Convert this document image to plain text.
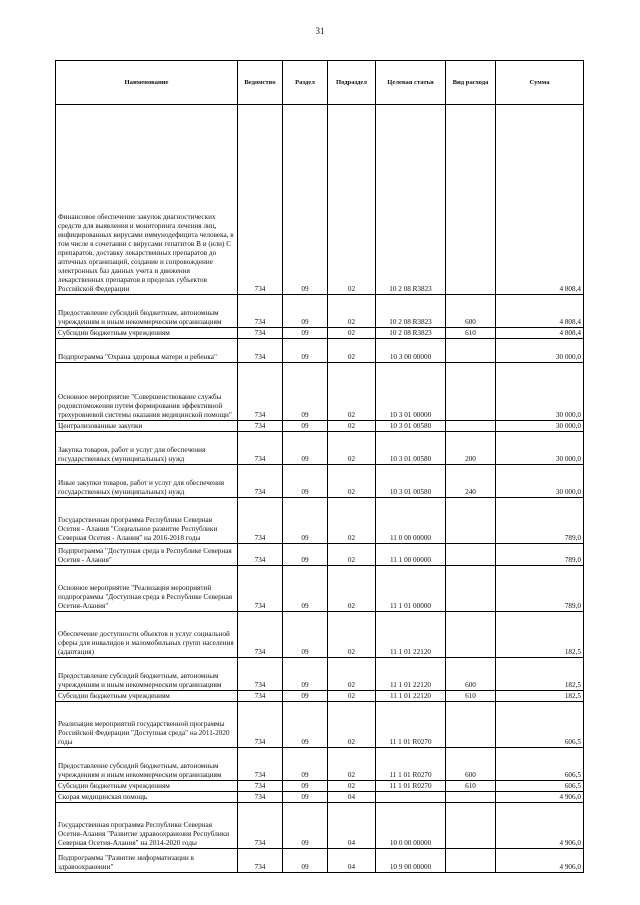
31
Наименование	Ведомство	Раздел	Подраздел	Целевая статья	Вид расхода	Сумма
Финансовое обеспечение закупок диагностических средств для выявления и мониторинга лечения лиц, инфицированных вирусами иммунодефицита человека, в том числе в сочетании с вирусами гепатитов В и (или) С препаратов, доставку лекарственных препаратов до аптечных организаций, создание и сопровождение электронных баз данных учета и движения лекарственных препаратов в пределах субъектов Российской Федерации	734	09	02	10 2 08 R3823		4 808,4
Предоставление субсидий бюджетным, автономным учреждениям и иным некоммерческим организациям	734	09	02	10 2 08 R3823	600	4 808,4
Субсидии бюджетным учреждениям	734	09	02	10 2 08 R3823	610	4 808,4
Подпрограмма "Охрана здоровья матери и ребенка"	734	09	02	10 3 00 00000		30 000,0
Основное мероприятие "Совершенствование службы родовспоможения путем формирования эффективной трехуровневой системы оказания медицинской помощи"	734	09	02	10 3 01 00000		30 000,0
Централизованные закупки	734	09	02	10 3 01 00580		30 000,0
Закупка товаров, работ и услуг для обеспечения государственных (муниципальных) нужд	734	09	02	10 3 01 00580	200	30 000,0
Иные закупки товаров, работ и услуг для обеспечения государственных (муниципальных) нужд	734	09	02	10 3 01 00580	240	30 000,0
Государственная программа Республики Северная Осетия - Алания "Социальное развитие Республики Северная Осетия - Алания" на 2016-2018 годы	734	09	02	11 0 00 00000		789,0
Подпрограмма "Доступная среда в Республике Северная Осетия - Алания"	734	09	02	11 1 00 00000		789,0
Основное мероприятие "Реализация мероприятий подпрограммы "Доступная среда в Республике Северная Осетия-Алания"	734	09	02	11 1 01 00000		789,0
Обеспечение доступности объектов и услуг социальной сферы для инвалидов и маломобильных групп населения (адаптация)	734	09	02	11 1 01 22120		182,5
Предоставление субсидий бюджетным, автономным учреждениям и иным некоммерческим организациям	734	09	02	11 1 01 22120	600	182,5
Субсидии бюджетным учреждениям	734	09	02	11 1 01 22120	610	182,5
Реализация мероприятий государственной программы Российской Федерации "Доступная среда" на 2011-2020 годы	734	09	02	11 1 01 R0270		606,5
Предоставление субсидий бюджетным, автономным учреждениям и иным некоммерческим организациям	734	09	02	11 1 01 R0270	600	606,5
Субсидии бюджетным учреждениям	734	09	02	11 1 01 R0270	610	606,5
Скорая медицинская помощь	734	09	04			4 906,0
Государственная программа Республики Северная Осетия-Алания "Развитие здравоохранения Республики Северная Осетия-Алания" на 2014-2020 годы	734	09	04	10 0 00 00000		4 906,0
Подпрограмма "Развитие информатизации в здравоохранении"	734	09	04	10 9 00 00000		4 906,0
